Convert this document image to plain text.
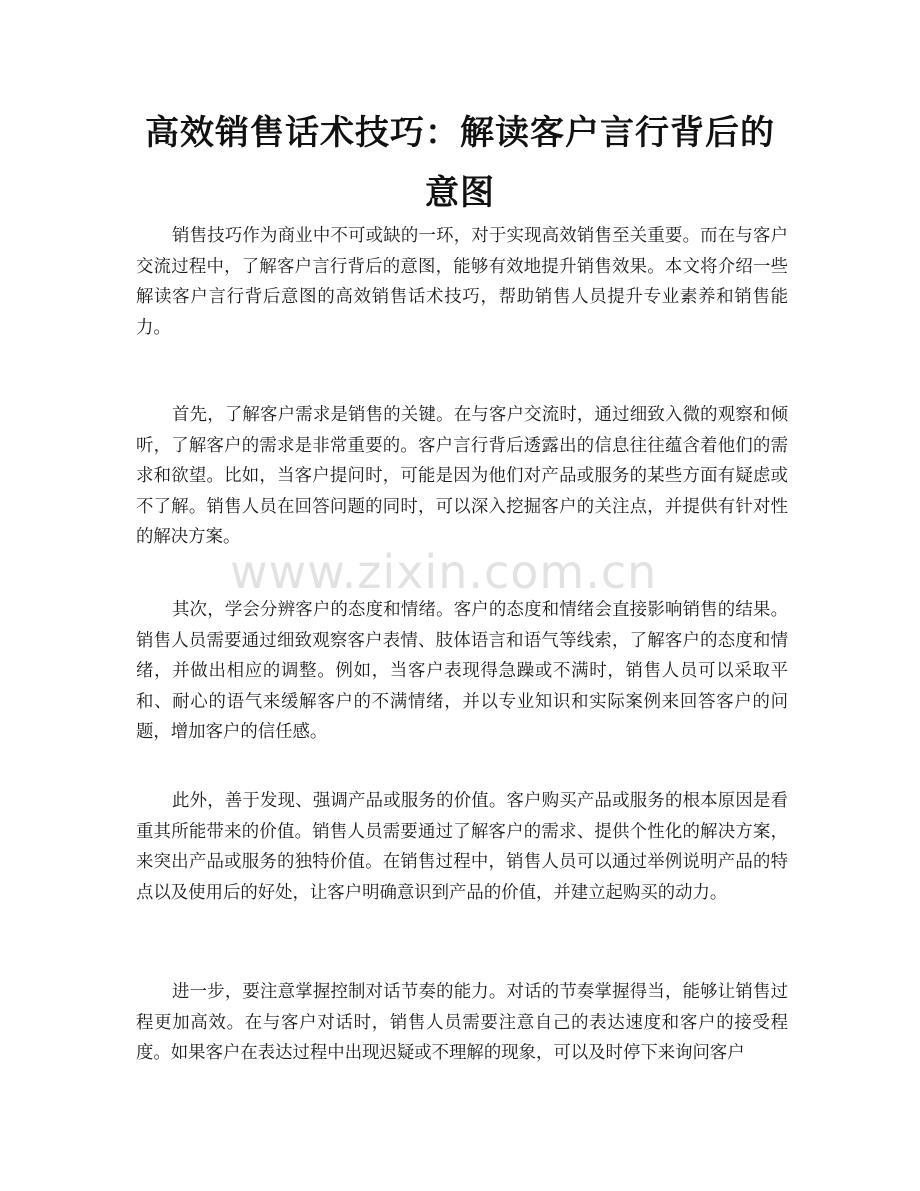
高效销售话术技巧：解读客户言行背后的意图

销售技巧作为商业中不可或缺的一环，对于实现高效销售至关重要。而在与客户交流过程中，了解客户言行背后的意图，能够有效地提升销售效果。本文将介绍一些解读客户言行背后意图的高效销售话术技巧，帮助销售人员提升专业素养和销售能力。

首先，了解客户需求是销售的关键。在与客户交流时，通过细致入微的观察和倾听，了解客户的需求是非常重要的。客户言行背后透露出的信息往往蕴含着他们的需求和欲望。比如，当客户提问时，可能是因为他们对产品或服务的某些方面有疑虑或不了解。销售人员在回答问题的同时，可以深入挖掘客户的关注点，并提供有针对性的解决方案。

其次，学会分辨客户的态度和情绪。客户的态度和情绪会直接影响销售的结果。销售人员需要通过细致观察客户表情、肢体语言和语气等线索，了解客户的态度和情绪，并做出相应的调整。例如，当客户表现得急躁或不满时，销售人员可以采取平和、耐心的语气来缓解客户的不满情绪，并以专业知识和实际案例来回答客户的问题，增加客户的信任感。

此外，善于发现、强调产品或服务的价值。客户购买产品或服务的根本原因是看重其所能带来的价值。销售人员需要通过了解客户的需求、提供个性化的解决方案，来突出产品或服务的独特价值。在销售过程中，销售人员可以通过举例说明产品的特点以及使用后的好处，让客户明确意识到产品的价值，并建立起购买的动力。

进一步，要注意掌握控制对话节奏的能力。对话的节奏掌握得当，能够让销售过程更加高效。在与客户对话时，销售人员需要注意自己的表达速度和客户的接受程度。如果客户在表达过程中出现迟疑或不理解的现象，可以及时停下来询问客户

www.zixin.com.cn
